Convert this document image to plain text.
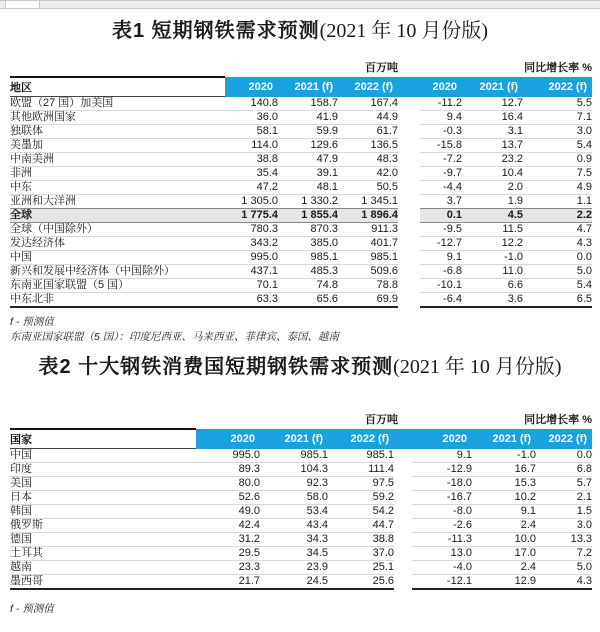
表1 短期钢铁需求预测(2021 年 10 月份版)
百万吨	同比增长率 %
地区	2020	2021 (f)	2022 (f)		2020	2021 (f)	2022 (f)
欧盟（27 国）加美国	140.8	158.7	167.4		-11.2	12.7	5.5
其他欧洲国家	36.0	41.9	44.9		9.4	16.4	7.1
独联体	58.1	59.9	61.7		-0.3	3.1	3.0
美墨加	114.0	129.6	136.5		-15.8	13.7	5.4
中南美洲	38.8	47.9	48.3		-7.2	23.2	0.9
非洲	35.4	39.1	42.0		-9.7	10.4	7.5
中东	47.2	48.1	50.5		-4.4	2.0	4.9
亚洲和大洋洲	1 305.0	1 330.2	1 345.1		3.7	1.9	1.1
全球	1 775.4	1 855.4	1 896.4		0.1	4.5	2.2
全球（中国除外）	780.3	870.3	911.3		-9.5	11.5	4.7
发达经济体	343.2	385.0	401.7		-12.7	12.2	4.3
中国	995.0	985.1	985.1		9.1	-1.0	0.0
新兴和发展中经济体（中国除外）	437.1	485.3	509.6		-6.8	11.0	5.0
东南亚国家联盟（5 国）	70.1	74.8	78.8		-10.1	6.6	5.4
中东北非	63.3	65.6	69.9		-6.4	3.6	6.5
f - 预测值
东南亚国家联盟（5 国）：印度尼西亚、马来西亚、菲律宾、泰国、越南
表2 十大钢铁消费国短期钢铁需求预测(2021 年 10 月份版)
百万吨	同比增长率 %
国家	2020	2021 (f)	2022 (f)		2020	2021 (f)	2022 (f)
中国	995.0	985.1	985.1		9.1	-1.0	0.0
印度	89.3	104.3	111.4		-12.9	16.7	6.8
美国	80.0	92.3	97.5		-18.0	15.3	5.7
日本	52.6	58.0	59.2		-16.7	10.2	2.1
韩国	49.0	53.4	54.2		-8.0	9.1	1.5
俄罗斯	42.4	43.4	44.7		-2.6	2.4	3.0
德国	31.2	34.3	38.8		-11.3	10.0	13.3
土耳其	29.5	34.5	37.0		13.0	17.0	7.2
越南	23.3	23.9	25.1		-4.0	2.4	5.0
墨西哥	21.7	24.5	25.6		-12.1	12.9	4.3
f - 预测值
